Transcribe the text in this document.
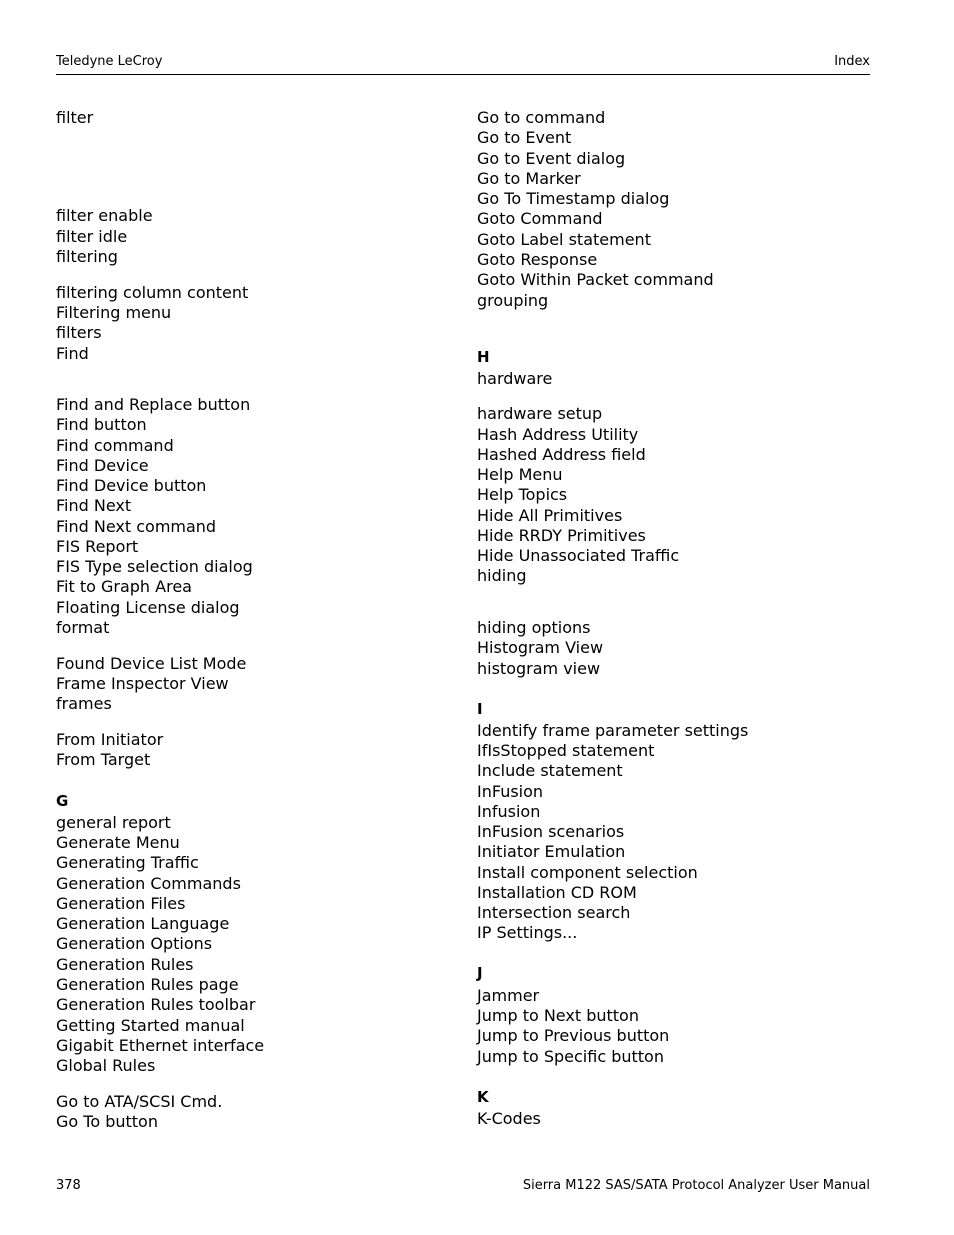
Teledyne LeCroy	Index
filter
filter enable
filter idle
filtering
filtering column content
Filtering menu
filters
Find
Find and Replace button
Find button
Find command
Find Device
Find Device button
Find Next
Find Next command
FIS Report
FIS Type selection dialog
Fit to Graph Area
Floating License dialog
format
Found Device List Mode
Frame Inspector View
frames
From Initiator
From Target
G
general report
Generate Menu
Generating Traffic
Generation Commands
Generation Files
Generation Language
Generation Options
Generation Rules
Generation Rules page
Generation Rules toolbar
Getting Started manual
Gigabit Ethernet interface
Global Rules
Go to ATA/SCSI Cmd.
Go To button
Go to command
Go to Event
Go to Event dialog
Go to Marker
Go To Timestamp dialog
Goto Command
Goto Label statement
Goto Response
Goto Within Packet command
grouping
H
hardware
hardware setup
Hash Address Utility
Hashed Address field
Help Menu
Help Topics
Hide All Primitives
Hide RRDY Primitives
Hide Unassociated Traffic
hiding
hiding options
Histogram View
histogram view
I
Identify frame parameter settings
IfIsStopped statement
Include statement
InFusion
Infusion
InFusion scenarios
Initiator Emulation
Install component selection
Installation CD ROM
Intersection search
IP Settings...
J
Jammer
Jump to Next button
Jump to Previous button
Jump to Specific button
K
K-Codes
378	Sierra M122 SAS/SATA Protocol Analyzer User Manual
